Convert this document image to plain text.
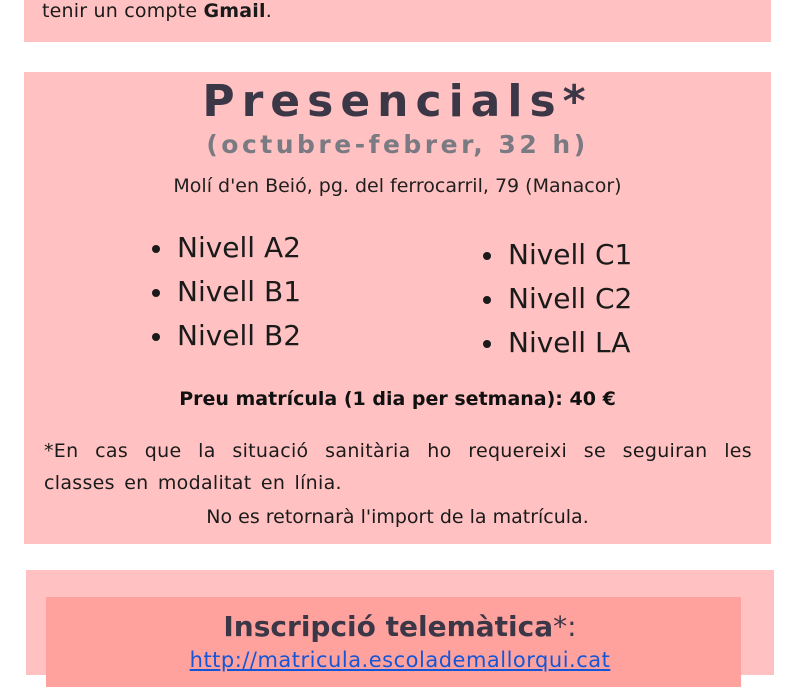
tenir un compte Gmail.
Presencials*
(octubre-febrer, 32 h)
Molí d'en Beió, pg. del ferrocarril, 79 (Manacor)
Nivell A2
Nivell B1
Nivell B2
Nivell C1
Nivell C2
Nivell LA
Preu matrícula (1 dia per setmana): 40 €
*En cas que la situació sanitària ho requereixi se seguiran les classes en modalitat en línia.
No es retornarà l'import de la matrícula.
Inscripció telemàtica*:
http://matricula.escolademallorqui.cat
